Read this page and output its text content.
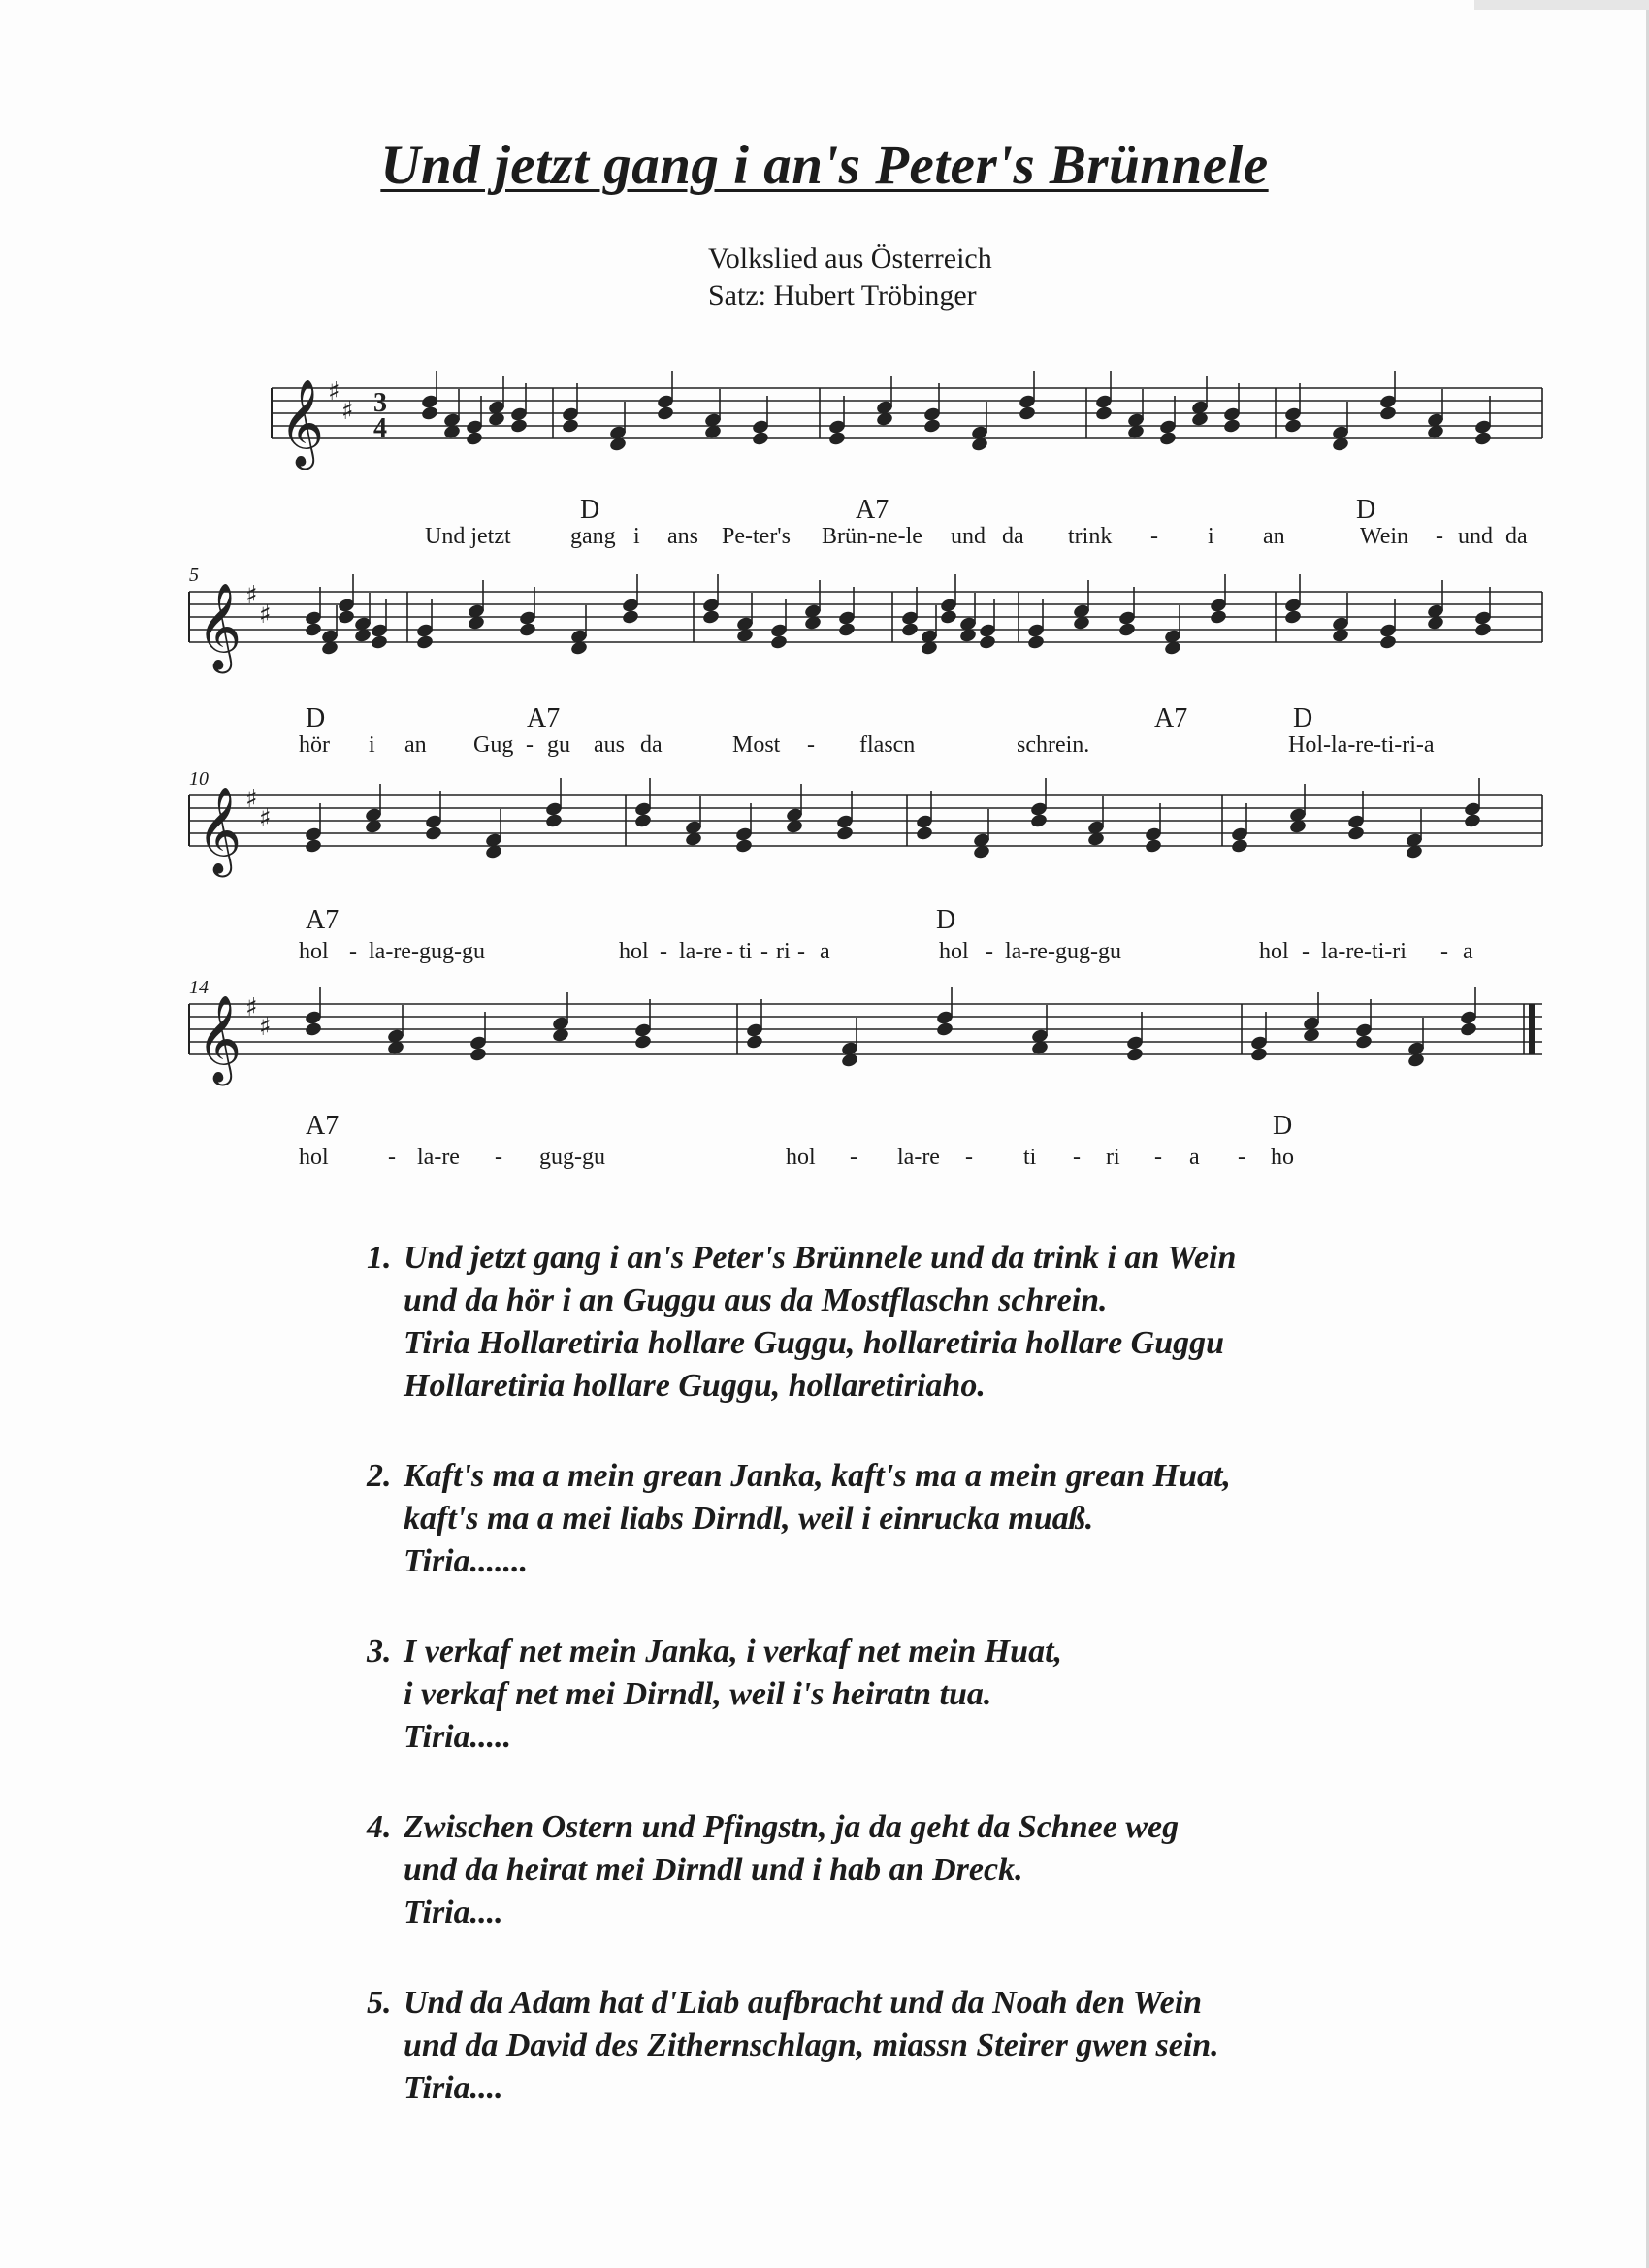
Und jetzt gang i an's Peter's Brünnele
Volkslied aus Österreich
Satz: Hubert Tröbinger
𝄞 ♯
♯ 3
4
D	A7	D
Und jetzt	gang i ans Pe-ter's Brün-ne-le und da trink - i an	Wein - und da
𝄞 ♯
♯
5
D	A7	A7	D
hör i an Gug - gu aus da	Most - flascn	schrein.	Hol-la-re-ti-ri-a
𝄞 ♯
♯
10
A7	D
hol - la-re-gug-gu	hol - la-re - ti - ri - a	hol - la-re-gug-gu	hol - la-re-ti-ri - a
𝄞 ♯
♯
14
A7	D
hol	- la-re - gug-gu	hol - la-re - ti - ri - a - ho
1. Und jetzt gang i an's Peter's Brünnele und da trink i an Wein
und da hör i an Guggu aus da Mostflaschn schrein.
Tiria Hollaretiria hollare Guggu, hollaretiria hollare Guggu
Hollaretiria hollare Guggu, hollaretiriaho.
2. Kaft's ma a mein grean Janka, kaft's ma a mein grean Huat,
kaft's ma a mei liabs Dirndl, weil i einrucka muaß.
Tiria.......
3. I verkaf net mein Janka, i verkaf net mein Huat,
i verkaf net mei Dirndl, weil i's heiratn tua.
Tiria.....
4. Zwischen Ostern und Pfingstn, ja da geht da Schnee weg
und da heirat mei Dirndl und i hab an Dreck.
Tiria....
5. Und da Adam hat d'Liab aufbracht und da Noah den Wein
und da David des Zithernschlagn, miassn Steirer gwen sein.
Tiria....
